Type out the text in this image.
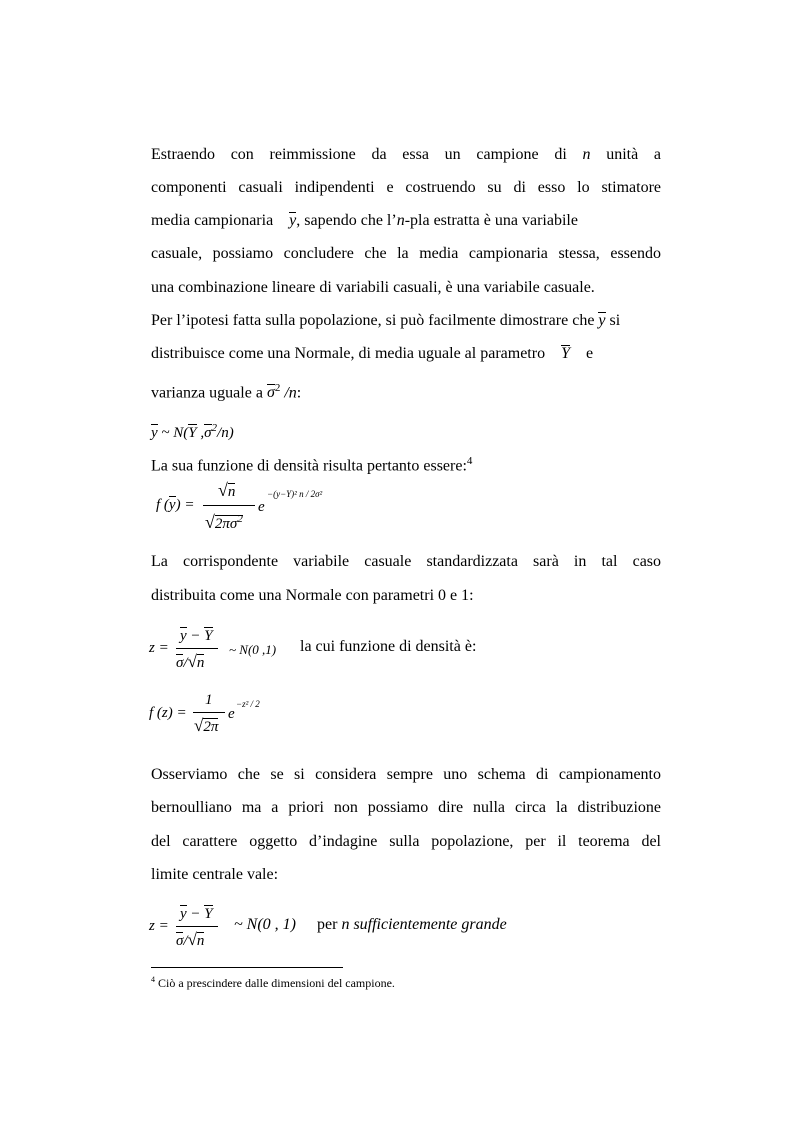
Estraendo con reimmissione da essa un campione di n unità a
componenti casuali indipendenti e costruendo su di esso lo stimatore
media campionaria y, sapendo che l’n-pla estratta è una variabile
casuale, possiamo concludere che la media campionaria stessa, essendo
una combinazione lineare di variabili casuali, è una variabile casuale.
Per l’ipotesi fatta sulla popolazione, si può facilmente dimostrare che y si
distribuisce come una Normale, di media uguale al parametro Y e
varianza uguale a $\sigma^2$ /n:
y ~ N(Y $,\sigma^2/n$)
La sua funzione di densità risulta pertanto essere:$^4$
f (y) =
√n
$√2\pi\sigma^2$
e
−(y−Y)² n / 2σ²
La corrispondente variabile casuale standardizzata sarà in tal caso
distribuita come una Normale con parametri 0 e 1:
z =
y − Y
σ/√n
~ N(0 ,1) la cui funzione di densità è:
f (z) =
1
√2π
e
−z² / 2
Osserviamo che se si considera sempre uno schema di campionamento
bernoulliano ma a priori non possiamo dire nulla circa la distribuzione
del carattere oggetto d’indagine sulla popolazione, per il teorema del
limite centrale vale:
z =
y − Y
σ/√n
~ N(0 , 1) per n sufficientemente grande
$^4$ Ciò a prescindere dalle dimensioni del campione.
